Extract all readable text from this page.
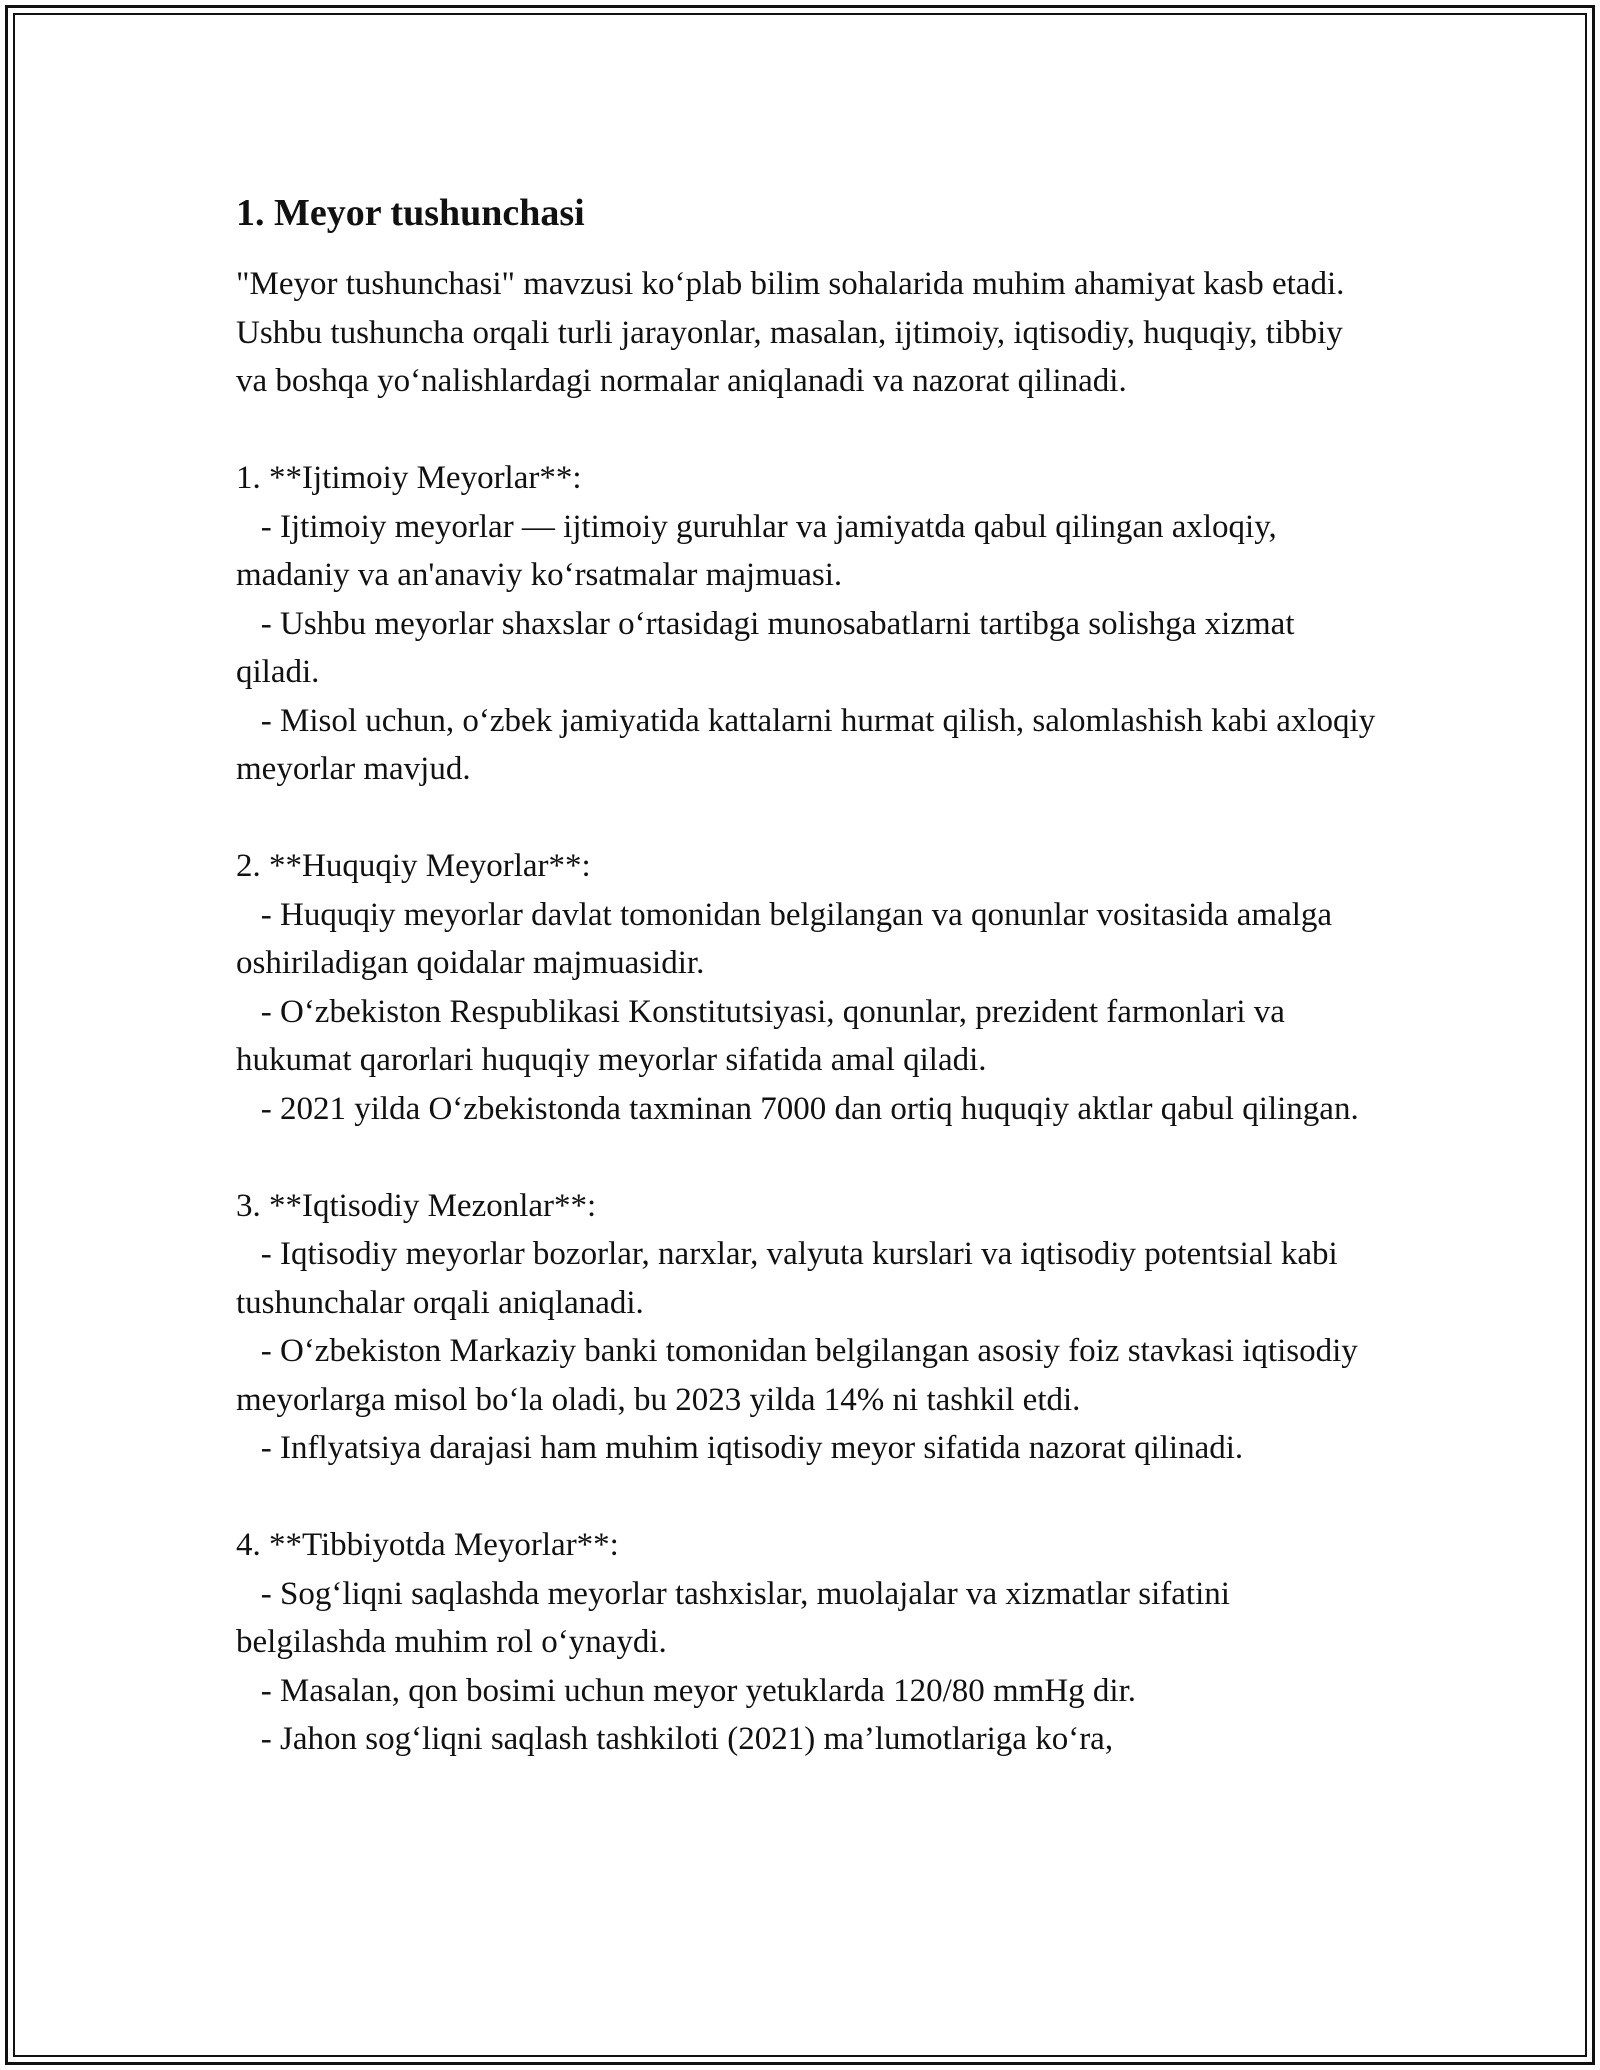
1. Meyor tushunchasi

"Meyor tushunchasi" mavzusi ko‘plab bilim sohalarida muhim ahamiyat kasb etadi. Ushbu tushuncha orqali turli jarayonlar, masalan, ijtimoiy, iqtisodiy, huquqiy, tibbiy va boshqa yo‘nalishlardagi normalar aniqlanadi va nazorat qilinadi.

1. **Ijtimoiy Meyorlar**:

- Ijtimoiy meyorlar — ijtimoiy guruhlar va jamiyatda qabul qilingan axloqiy, madaniy va an'anaviy ko‘rsatmalar majmuasi.

- Ushbu meyorlar shaxslar o‘rtasidagi munosabatlarni tartibga solishga xizmat qiladi.

- Misol uchun, o‘zbek jamiyatida kattalarni hurmat qilish, salomlashish kabi axloqiy meyorlar mavjud.

2. **Huquqiy Meyorlar**:

- Huquqiy meyorlar davlat tomonidan belgilangan va qonunlar vositasida amalga oshiriladigan qoidalar majmuasidir.

- O‘zbekiston Respublikasi Konstitutsiyasi, qonunlar, prezident farmonlari va hukumat qarorlari huquqiy meyorlar sifatida amal qiladi.

- 2021 yilda O‘zbekistonda taxminan 7000 dan ortiq huquqiy aktlar qabul qilingan.

3. **Iqtisodiy Mezonlar**:

- Iqtisodiy meyorlar bozorlar, narxlar, valyuta kurslari va iqtisodiy potentsial kabi tushunchalar orqali aniqlanadi.

- O‘zbekiston Markaziy banki tomonidan belgilangan asosiy foiz stavkasi iqtisodiy meyorlarga misol bo‘la oladi, bu 2023 yilda 14% ni tashkil etdi.

- Inflyatsiya darajasi ham muhim iqtisodiy meyor sifatida nazorat qilinadi.

4. **Tibbiyotda Meyorlar**:

- Sog‘liqni saqlashda meyorlar tashxislar, muolajalar va xizmatlar sifatini belgilashda muhim rol o‘ynaydi.

- Masalan, qon bosimi uchun meyor yetuklarda 120/80 mmHg dir.

- Jahon sog‘liqni saqlash tashkiloti (2021) ma’lumotlariga ko‘ra,
